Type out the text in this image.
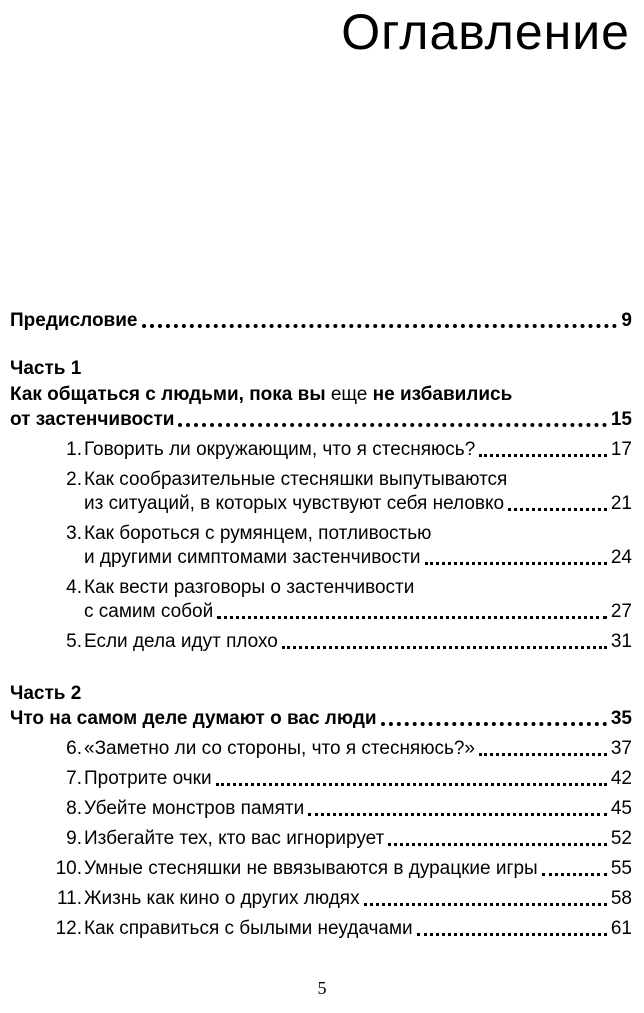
Оглавление
Предисловие	9
Часть 1
Как общаться с людьми, пока вы еще не избавились
от застенчивости	15
1. Говорить ли окружающим, что я стесняюсь?	17
2. Как сообразительные стесняшки выпутываются
из ситуаций, в которых чувствуют себя неловко	21
3. Как бороться с румянцем, потливостью
и другими симптомами застенчивости	24
4. Как вести разговоры о застенчивости
с самим собой	27
5. Если дела идут плохо	31
Часть 2
Что на самом деле думают о вас люди	35
6. «Заметно ли со стороны, что я стесняюсь?»	37
7. Протрите очки	42
8. Убейте монстров памяти	45
9. Избегайте тех, кто вас игнорирует	52
10. Умные стесняшки не ввязываются в дурацкие игры	55
11. Жизнь как кино о других людях	58
12. Как справиться с былыми неудачами	61
5
